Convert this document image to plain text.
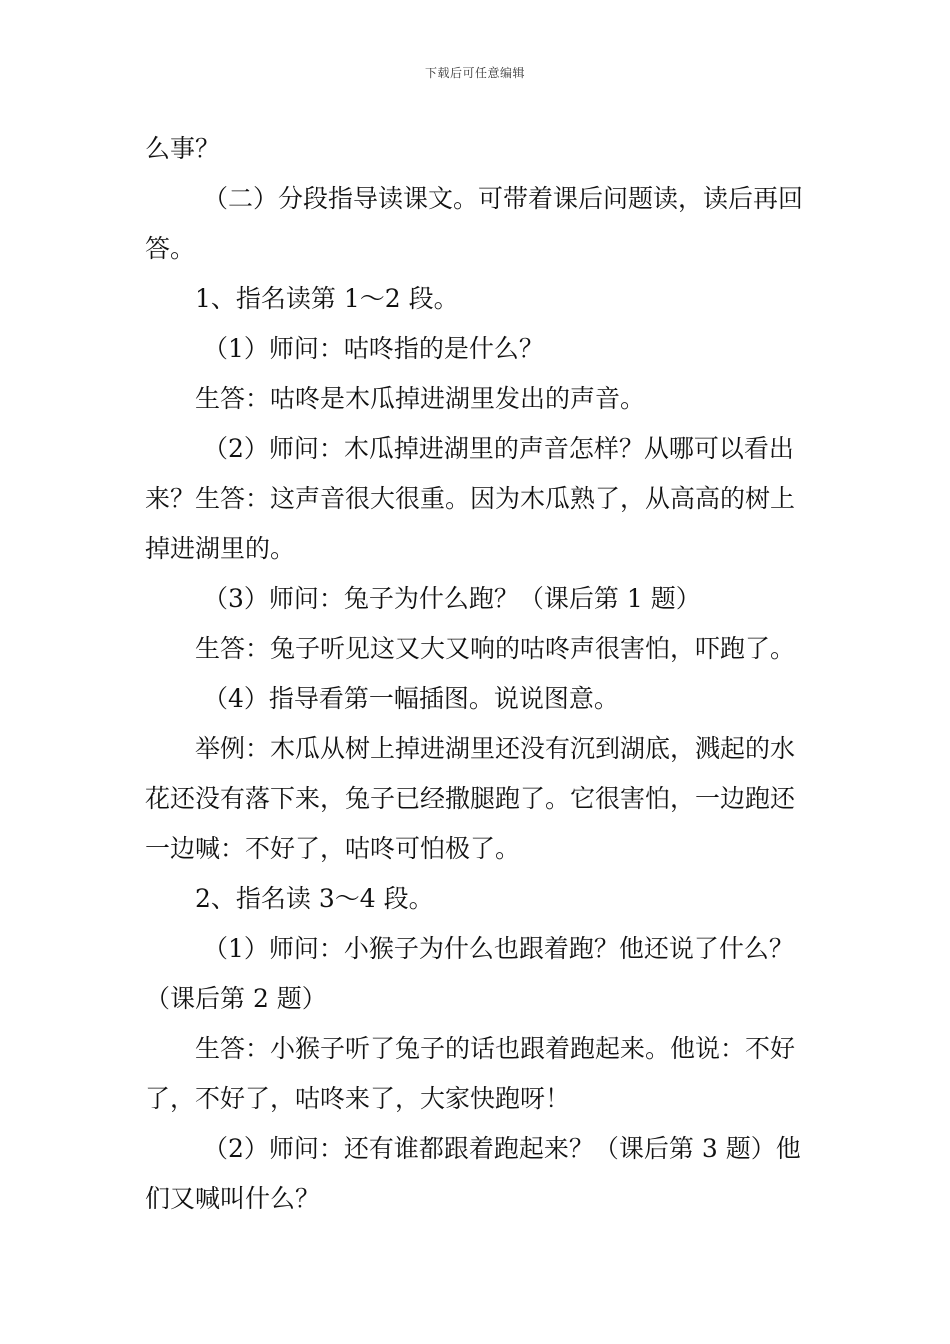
下载后可任意编辑

么事？

（二）分段指导读课文。可带着课后问题读，读后再回答。

1、指名读第 1～2 段。

（1）师问：咕咚指的是什么？

生答：咕咚是木瓜掉进湖里发出的声音。

（2）师问：木瓜掉进湖里的声音怎样？从哪可以看出来？生答：这声音很大很重。因为木瓜熟了，从高高的树上掉进湖里的。

（3）师问：兔子为什么跑？（课后第 1 题）

生答：兔子听见这又大又响的咕咚声很害怕，吓跑了。

（4）指导看第一幅插图。说说图意。

举例：木瓜从树上掉进湖里还没有沉到湖底，溅起的水花还没有落下来，兔子已经撒腿跑了。它很害怕，一边跑还一边喊：不好了，咕咚可怕极了。

2、指名读 3～4 段。

（1）师问：小猴子为什么也跟着跑？他还说了什么？（课后第 2 题）

生答：小猴子听了兔子的话也跟着跑起来。他说：不好了，不好了，咕咚来了，大家快跑呀！

（2）师问：还有谁都跟着跑起来？（课后第 3 题）他们又喊叫什么？
